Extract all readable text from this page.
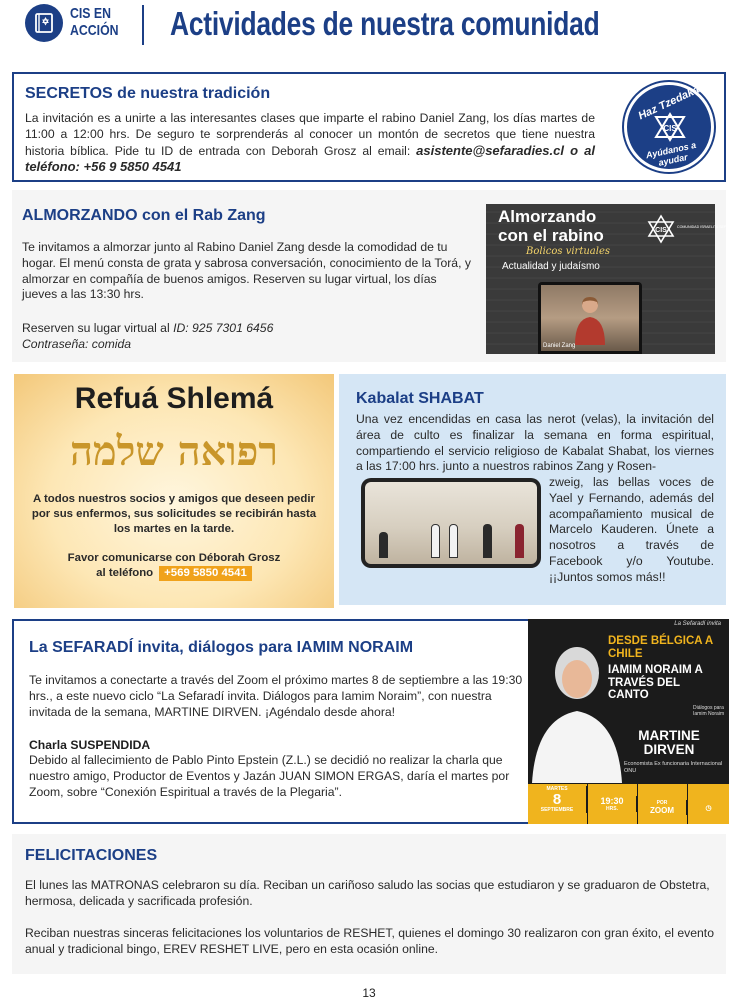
CIS EN
ACCIÓN Actividades de nuestra comunidad
SECRETOS de nuestra tradición
La invitación es a unirte a las interesantes clases que imparte el rabino Daniel Zang, los días martes de 11:00 a 12:00 hrs. De seguro te sorprenderás al conocer un montón de secretos que tiene nuestra historia bíblica. Pide tu ID de entrada con Deborah Grosz al email: asistente@sefaradies.cl o al teléfono: +56 9 5850 4541
Haz Tzedaká
CIS
Ayúdanos a ayudar
ALMORZANDO con el Rab Zang
Te invitamos a almorzar junto al Rabino Daniel Zang desde la comodidad de tu hogar. El menú consta de grata y sabrosa conversación, conocimiento de la Torá, y almorzar en compañía de buenos amigos. Reserven su lugar virtual, los días jueves a las 13:30 hrs.
Reserven su lugar virtual al ID: 925 7301 6456
Contraseña: comida
Almorzando
con el rabino
Bolicos virtuales
Actualidad y judaísmo
CIS	COMUNIDAD ISRAELITA SEFARADÍ
Daniel Zang
Refuá Shlemá
רפואה שלמה
A todos nuestros socios y amigos que deseen pedir por sus enfermos, sus solicitudes se recibirán hasta los martes en la tarde.
Favor comunicarse con Déborah Grosz
al teléfono +569 5850 4541
Kabalat SHABAT
Una vez encendidas en casa las nerot (velas), la invitación del área de culto es finalizar la semana en forma espiritual, compartiendo el servicio religioso de Kabalat Shabat, los viernes a las 17:00 hrs. junto a nuestros rabinos Zang y Rosen-
zweig, las bellas voces de Yael y Fernando, además del acompañamiento musical de Marcelo Kauderen. Únete a nosotros a través de Facebook y/o Youtube. ¡¡Juntos somos más!!
La SEFARADÍ invita, diálogos para IAMIM NORAIM
Te invitamos a conectarte a través del Zoom el próximo martes 8 de septiembre a las 19:30 hrs., a este nuevo ciclo “La Sefaradí invita. Diálogos para Iamim Noraim”, con nuestra invitada de la semana, MARTINE DIRVEN. ¡Agéndalo desde ahora!
Charla SUSPENDIDA
Debido al fallecimiento de Pablo Pinto Epstein (Z.L.) se decidió no realizar la charla que nuestro amigo, Productor de Eventos y Jazán JUAN SIMON ERGAS, daría el martes por Zoom, sobre “Conexión Espiritual a través de la Plegaria”.
La Sefaradí invita
DESDE BÉLGICA A CHILE
IAMIM NORAIM A TRAVÉS DEL CANTO
Diálogos para Iamim Noraim
MARTINE
DIRVEN
Economista Ex funcionaria Internacional ONU
MARTES
8
SEPTIEMBRE
19:30
HRS.
POR
ZOOM	◷
FELICITACIONES
El lunes las MATRONAS celebraron su día. Reciban un cariñoso saludo las socias que estudiaron y se graduaron de Obstetra, hermosa, delicada y sacrificada profesión.
Reciban nuestras sinceras felicitaciones los voluntarios de RESHET, quienes el domingo 30 realizaron con gran éxito, el evento anual y tradicional bingo, EREV RESHET LIVE, pero en esta ocasión online.
13
